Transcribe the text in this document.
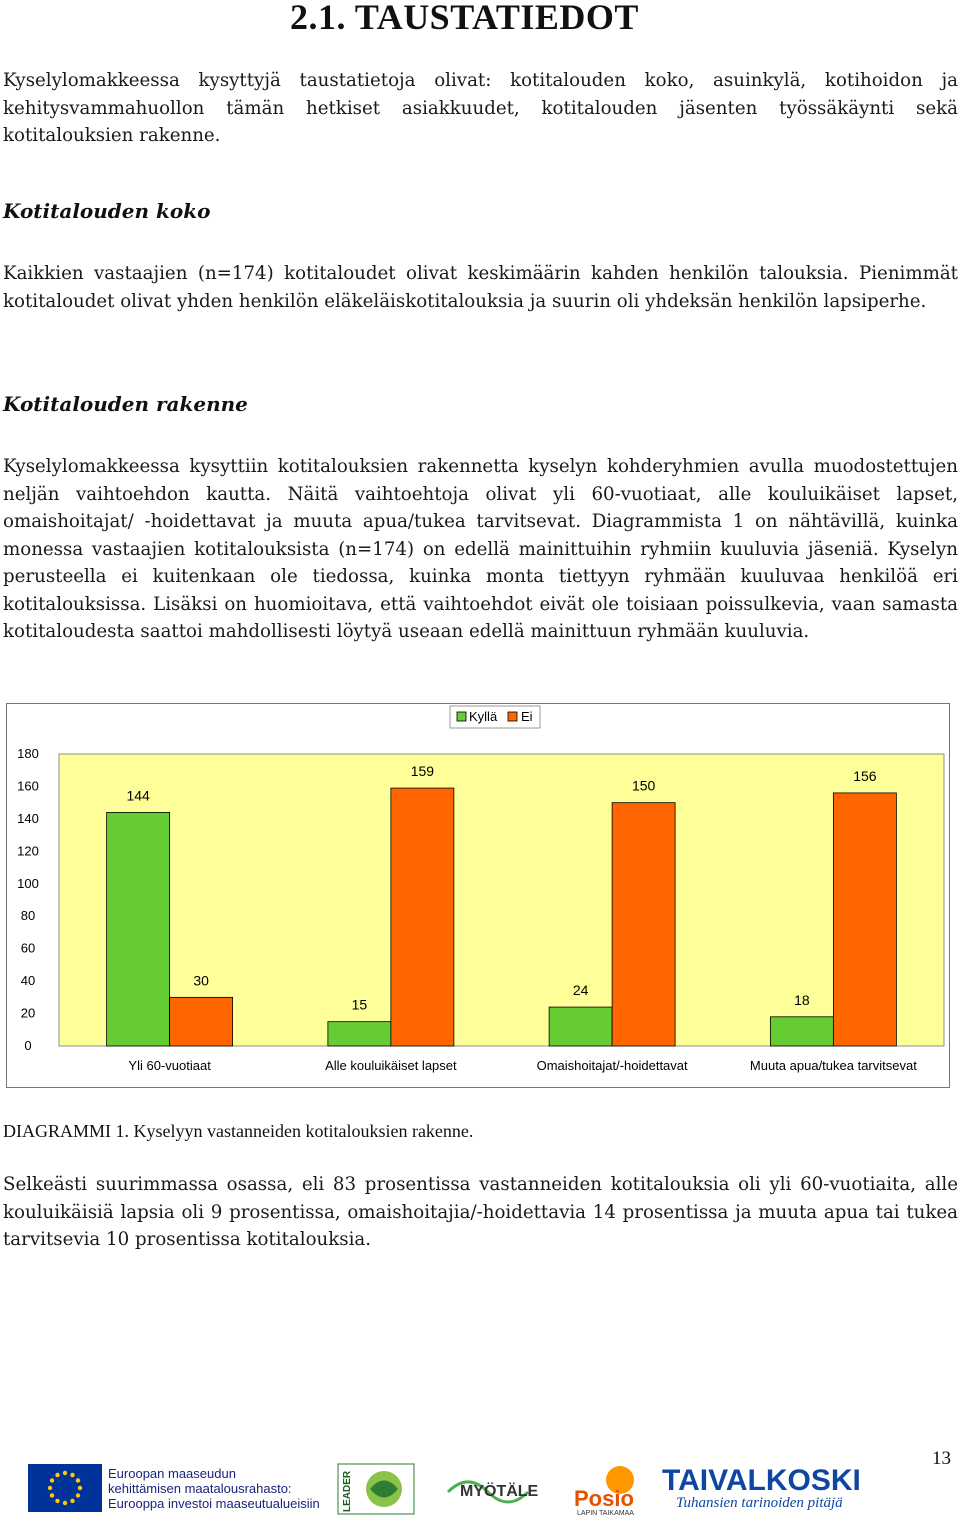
2.1. TAUSTATIEDOT

Kyselylomakkeessa kysyttyjä taustatietoja olivat: kotitalouden koko, asuinkylä, kotihoidon ja kehitysvammahuollon tämän hetkiset asiakkuudet, kotitalouden jäsenten työssäkäynti sekä kotitalouksien rakenne.

Kotitalouden koko

Kaikkien vastaajien (n=174) kotitaloudet olivat keskimäärin kahden henkilön talouksia. Pienimmät kotitaloudet olivat yhden henkilön eläkeläiskotitalouksia ja suurin oli yhdeksän henkilön lapsiperhe.

Kotitalouden rakenne

Kyselylomakkeessa kysyttiin kotitalouksien rakennetta kyselyn kohderyhmien avulla muodostettujen neljän vaihtoehdon kautta. Näitä vaihtoehtoja olivat yli 60-vuotiaat, alle kouluikäiset lapset, omaishoitajat/ -hoidettavat ja muuta apua/tukea tarvitsevat. Diagrammista 1 on nähtävillä, kuinka monessa vastaajien kotitalouksista (n=174) on edellä mainittuihin ryhmiin kuuluvia jäseniä. Kyselyn perusteella ei kuitenkaan ole tiedossa, kuinka monta tiettyyn ryhmään kuuluvaa henkilöä eri kotitalouksissa. Lisäksi on huomioitava, että vaihtoehdot eivät ole toisiaan poissulkevia, vaan samasta kotitaloudesta saattoi mahdollisesti löytyä useaan edellä mainittuun ryhmään kuuluvia.

Kyllä Ei
0
20
40
60
80
100
120
140
160
180
144
30
15
159
24
150
18
156
Yli 60-vuotiaat	Alle kouluikäiset lapset	Omaishoitajat/-hoidettavat	Muuta apua/tukea tarvitsevat

DIAGRAMMI 1. Kyselyyn vastanneiden kotitalouksien rakenne.

Selkeästi suurimmassa osassa, eli 83 prosentissa vastanneiden kotitalouksia oli yli 60-vuotiaita, alle kouluikäisiä lapsia oli 9 prosentissa, omaishoitajia/-hoidettavia 14 prosentissa ja muuta apua tai tukea tarvitsevia 10 prosentissa kotitalouksia.

13
Euroopan maaseudun
kehittämisen maatalousrahasto:
Eurooppa investoi maaseutualueisiin LEADER	MYÖTÄLE Posio
LAPIN TAIKAMAA
TAIVALKOSKI
Tuhansien tarinoiden pitäjä
